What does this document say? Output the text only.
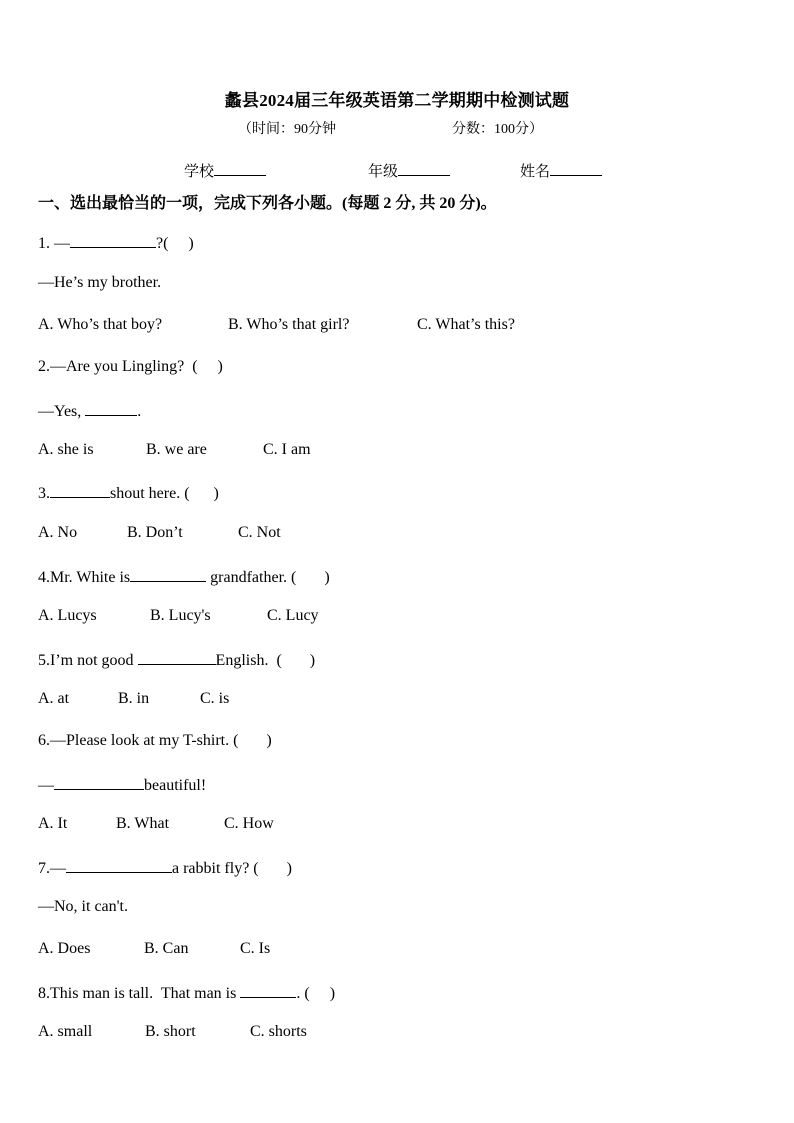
蠡县2024届三年级英语第二学期期中检测试题
（时间：90分钟	分数：100分）
学校	年级	姓名
一、选出最恰当的一项，完成下列各小题。(每题 2 分, 共 20 分)。
1. —	?(     )
—He’s my brother.
A. Who’s that boy?	B. Who’s that girl?	C. What’s this?
2.—Are you Lingling?  (     )
—Yes,	.
A. she is	B. we are	C. I am
3.	shout here. (      )
A. No	B. Don’t	C. Not
4.Mr. White is	grandfather. (       )
A. Lucys	B. Lucy's	C. Lucy
5.I’m not good	English.  (       )
A. at	B. in	C. is
6.—Please look at my T-shirt. (       )
—	beautiful!
A. It	B. What	C. How
7.—	a rabbit fly? (       )
—No, it can't.
A. Does	B. Can	C. Is
8.This man is tall.  That man is	. (     )
A. small	B. short	C. shorts
